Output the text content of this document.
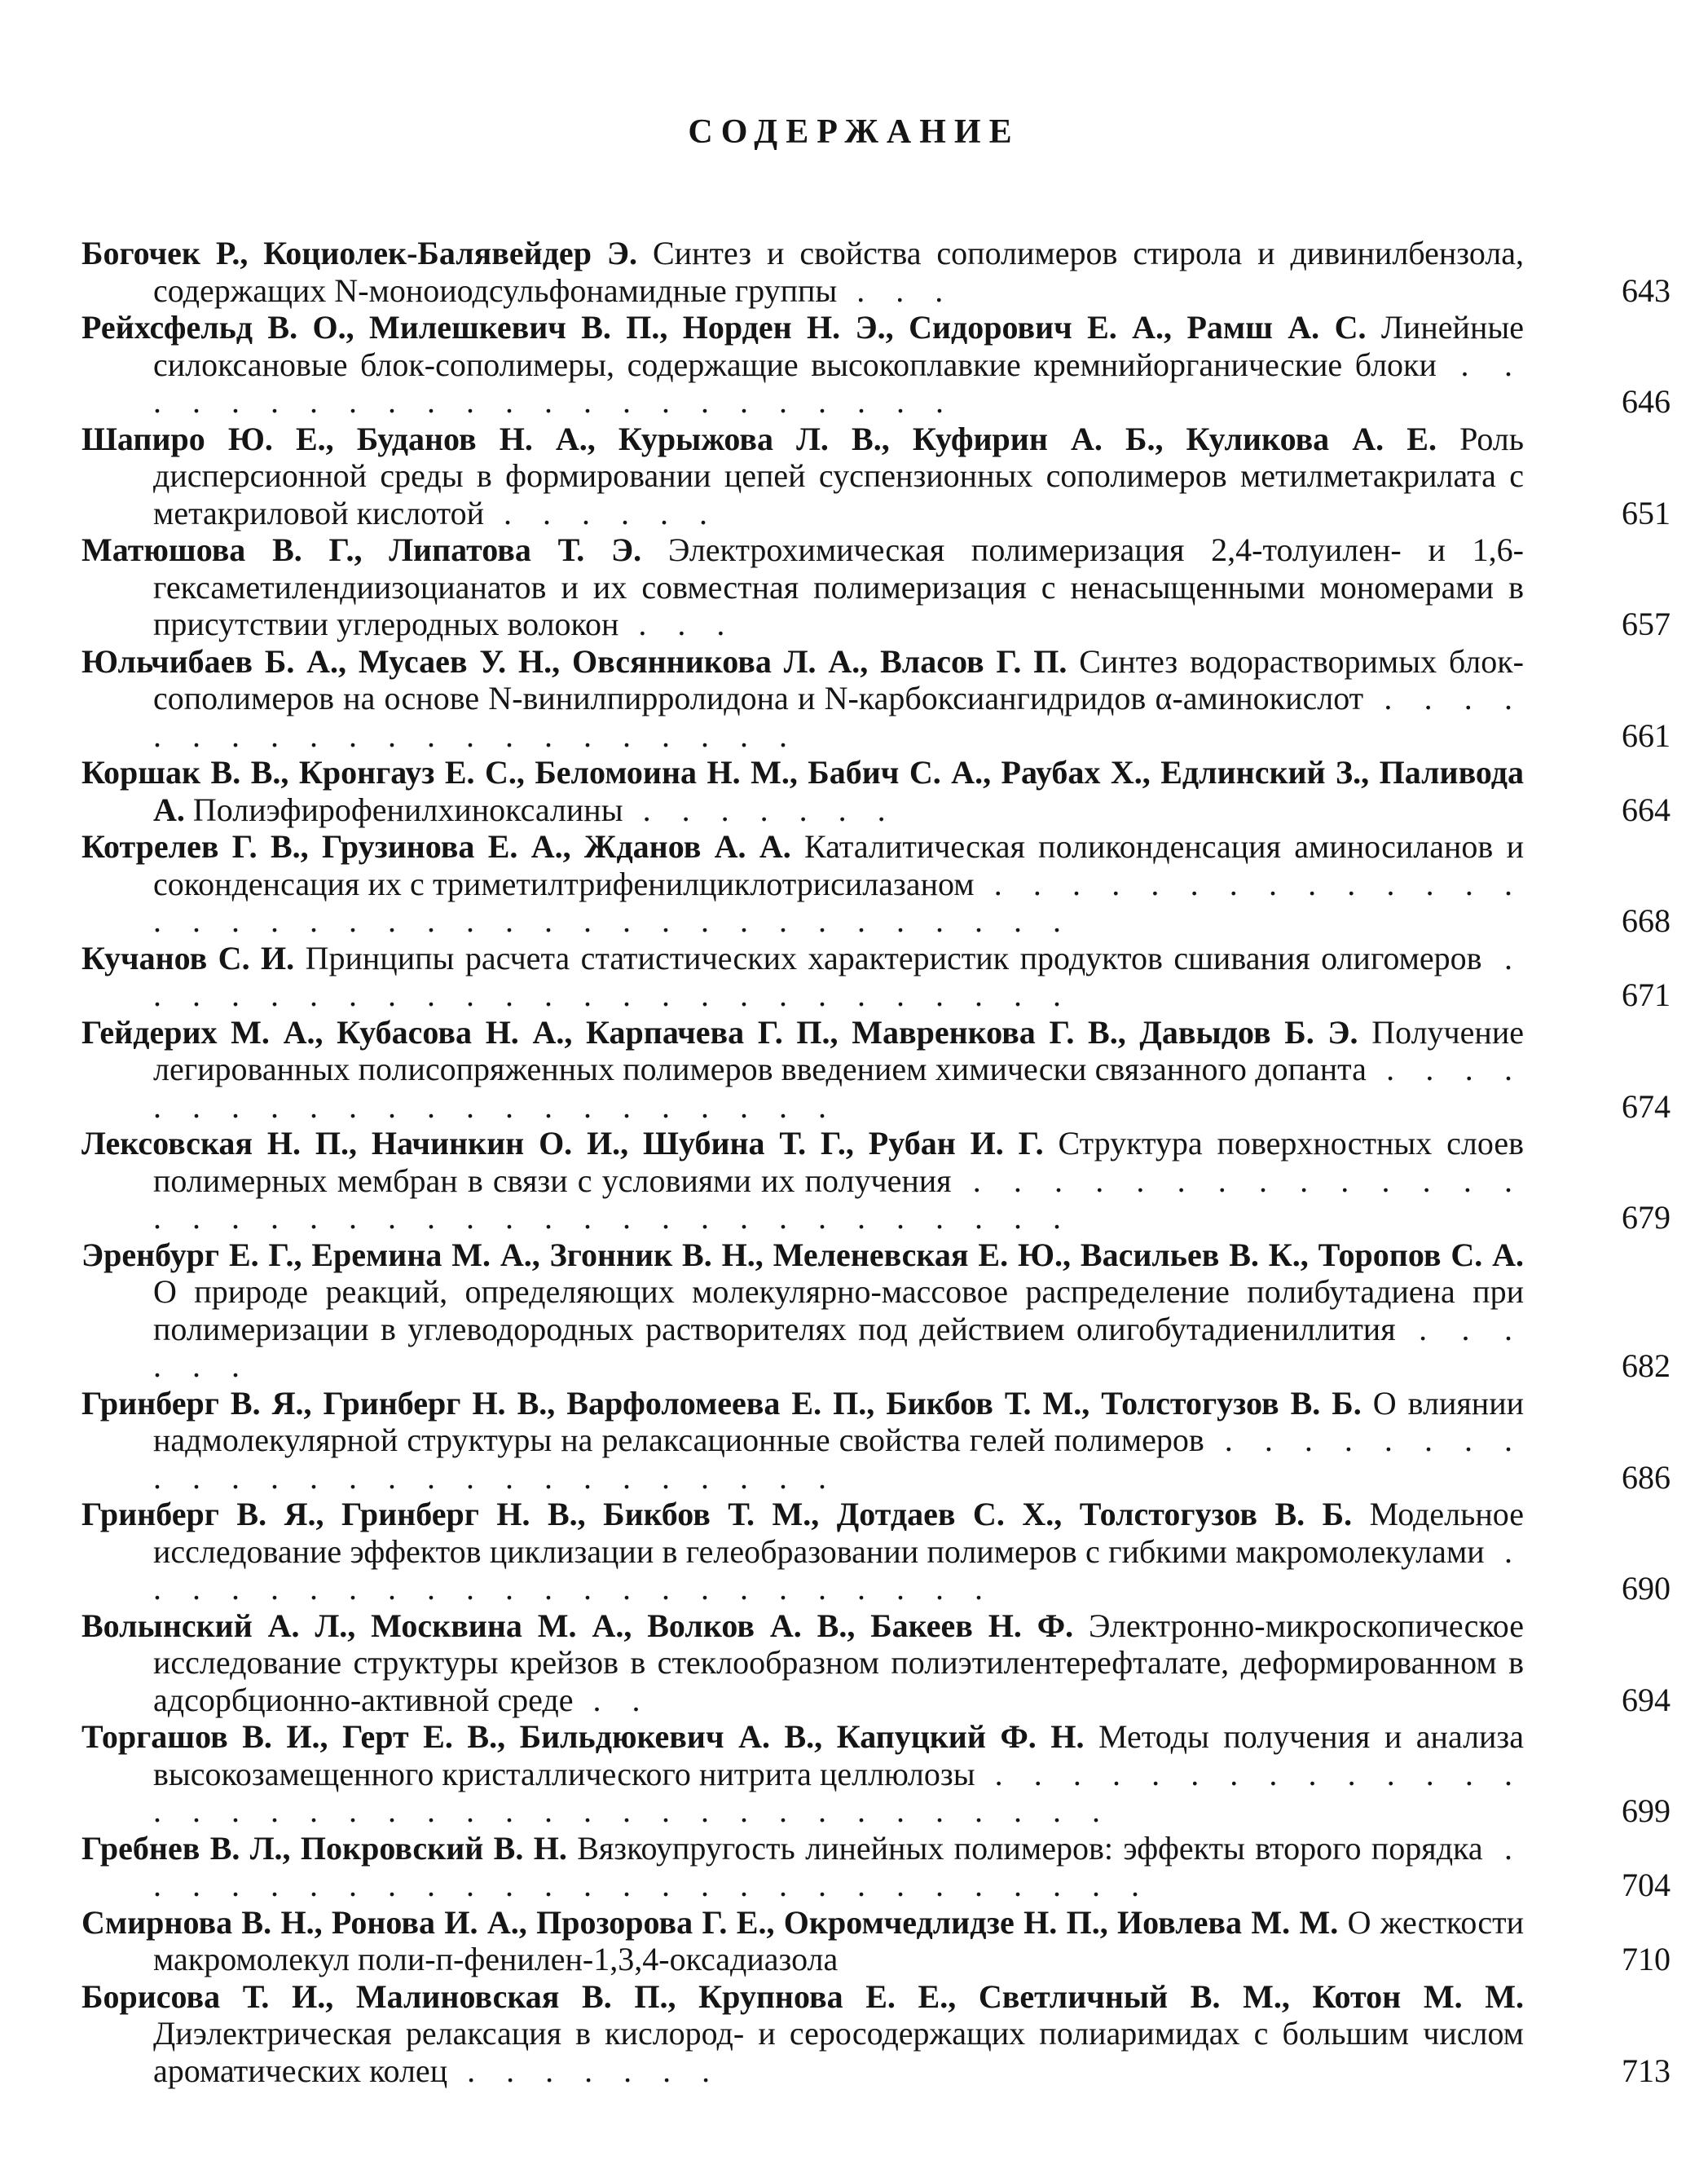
СОДЕРЖАНИЕ
Богочек Р., Коциолек-Балявейдер Э. Синтез и свойства сополимеров стирола и дивинилбензола, содержащих N-моноиодсульфонамидные группы . . .	643
Рейхсфельд В. О., Милешкевич В. П., Норден Н. Э., Сидорович Е. А., Рамш А. С. Линейные силоксановые блок-сополимеры, содержащие высокоплавкие кремнийорганические блоки . . . . . . . . . . . . . . . . . . . . . . .	646
Шапиро Ю. Е., Буданов Н. А., Курыжова Л. В., Куфирин А. Б., Куликова А. Е. Роль дисперсионной среды в формировании цепей суспензионных сополимеров метилметакрилата с метакриловой кислотой . . . . . .	651
Матюшова В. Г., Липатова Т. Э. Электрохимическая полимеризация 2,4-толуилен- и 1,6-гексаметилендиизоцианатов и их совместная полимеризация с ненасыщенными мономерами в присутствии углеродных волокон . . .	657
Юльчибаев Б. А., Мусаев У. Н., Овсянникова Л. А., Власов Г. П. Синтез водорастворимых блок-сополимеров на основе N-винилпирролидона и N-карбоксиангидридов α-аминокислот . . . . . . . . . . . . . . . . . . . . .	661
Коршак В. В., Кронгауз Е. С., Беломоина Н. М., Бабич С. А., Раубах Х., Едлинский З., Паливода А. Полиэфирофенилхиноксалины . . . . . . .	664
Котрелев Г. В., Грузинова Е. А., Жданов А. А. Каталитическая поликонденсация аминосиланов и соконденсация их с триметилтрифенилциклотрисилазаном . . . . . . . . . . . . . . . . . . . . . . . . . . . . . . . . . . . . . .	668
Кучанов С. И. Принципы расчета статистических характеристик продуктов сшивания олигомеров . . . . . . . . . . . . . . . . . . . . . . . . .	671
Гейдерих М. А., Кубасова Н. А., Карпачева Г. П., Мавренкова Г. В., Давыдов Б. Э. Получение легированных полисопряженных полимеров введением химически связанного допанта . . . . . . . . . . . . . . . . . . . . . .	674
Лексовская Н. П., Начинкин О. И., Шубина Т. Г., Рубан И. Г. Структура поверхностных слоев полимерных мембран в связи с условиями их получения . . . . . . . . . . . . . . . . . . . . . . . . . . . . . . . . . . . . . .	679
Эренбург Е. Г., Еремина М. А., Згонник В. Н., Меленевская Е. Ю., Васильев В. К., Торопов С. А. О природе реакций, определяющих молекулярно-массовое распределение полибутадиена при полимеризации в углеводородных растворителях под действием олигобутадиениллития . . . . . .	682
Гринберг В. Я., Гринберг Н. В., Варфоломеева Е. П., Бикбов Т. М., Толстогузов В. Б. О влиянии надмолекулярной структуры на релаксационные свойства гелей полимеров . . . . . . . . . . . . . . . . . . . . . . . . . .	686
Гринберг В. Я., Гринберг Н. В., Бикбов Т. М., Дотдаев С. Х., Толстогузов В. Б. Модельное исследование эффектов циклизации в гелеобразовании полимеров с гибкими макромолекулами . . . . . . . . . . . . . . . . . . . . . . .	690
Волынский А. Л., Москвина М. А., Волков А. В., Бакеев Н. Ф. Электронно-микроскопическое исследование структуры крейзов в стеклообразном полиэтилентерефталате, деформированном в адсорбционно-активной среде . .	694
Торгашов В. И., Герт Е. В., Бильдюкевич А. В., Капуцкий Ф. Н. Методы получения и анализа высокозамещенного кристаллического нитрита целлюлозы . . . . . . . . . . . . . . . . . . . . . . . . . . . . . . . . . . . . . . .	699
Гребнев В. Л., Покровский В. Н. Вязкоупругость линейных полимеров: эффекты второго порядка . . . . . . . . . . . . . . . . . . . . . . . . . . .	704
Смирнова В. Н., Ронова И. А., Прозорова Г. Е., Окромчедлидзе Н. П., Иовлева М. М. О жесткости макромолекул поли-п-фенилен-1,3,4-оксадиазола	710
Борисова Т. И., Малиновская В. П., Крупнова Е. Е., Светличный В. М., Котон М. М. Диэлектрическая релаксация в кислород- и серосодержащих полиаримидах с большим числом ароматических колец . . . . . . .	713
